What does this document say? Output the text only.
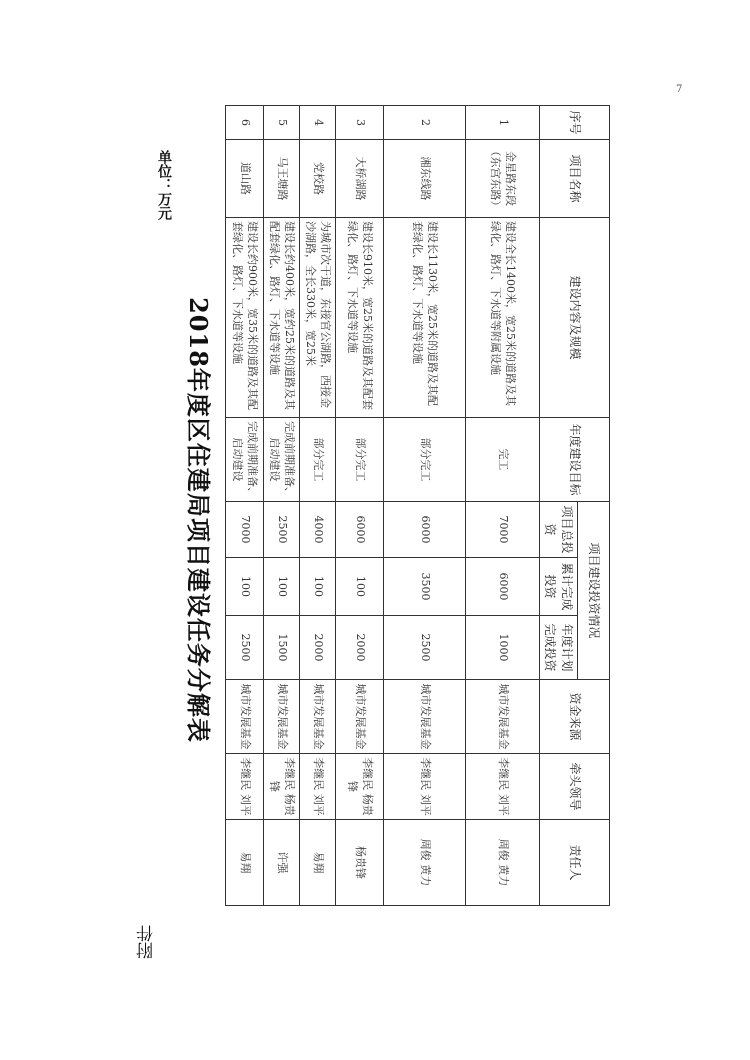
7
序号	项目名称	建设内容及规模	年度建设目标	项目建设投资情况			资金来源	牵头领导	责任人
				项目总投资	累计完成投资	年度计划完成投资			
1	金星路东段（东宫东路）	建设全长1400米，宽25米的道路及其绿化、路灯、下水道等附属设施	完工	7000	6000	1000	城市发展基金	李继民 刘平	周俊 黄力
2	湘东线路	建设长1130米，宽25米的道路及其配套绿化、路灯、下水道等设施	部分完工	6000	3500	2500	城市发展基金	李继民 刘平	周俊 黄力
3	大桥湖路	建设长910米，宽25米的道路及其配套绿化、路灯、下水道等设施	部分完工	6000	100	2000	城市发展基金	李继民 杨贵锋	杨贵锋
4	党校路	为城市次干道，东接官公湖路，西接金沙湖路，全长330米，宽25米	部分完工	4000	100	2000	城市发展基金	李继民 刘平	易翔
5	马王塘路	建设长约400米，宽约25米的道路及其配套绿化、路灯、下水道等设施	完成前期准备、启动建设	2500	100	1500	城市发展基金	李继民 杨贵锋	许强
6	道山路	建设长约900米，宽35米的道路及其配套绿化、路灯、下水道等设施	完成前期准备、启动建设	7000	100	2500	城市发展基金	李继民 刘平	易翔
2018年度区住建局项目建设任务分解表
附件
单位：万元
